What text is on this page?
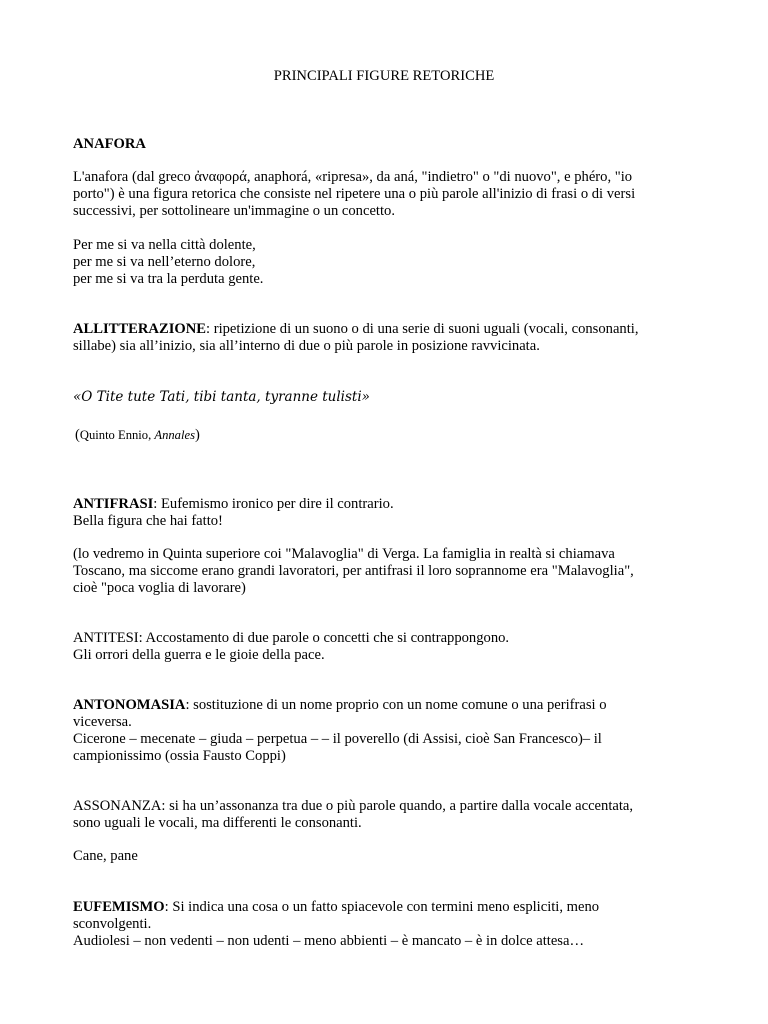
PRINCIPALI FIGURE RETORICHE
ANAFORA
L'anafora (dal greco ἀναφορά, anaphorá, «ripresa», da aná, "indietro" o "di nuovo", e phéro, "io
porto") è una figura retorica che consiste nel ripetere una o più parole all'inizio di frasi o di versi
successivi, per sottolineare un'immagine o un concetto.
Per me si va nella città dolente,
per me si va nell’eterno dolore,
per me si va tra la perduta gente.
ALLITTERAZIONE: ripetizione di un suono o di una serie di suoni uguali (vocali, consonanti,
sillabe) sia all’inizio, sia all’interno di due o più parole in posizione ravvicinata.
«O Tite tute Tati, tibi tanta, tyranne tulisti»
(Quinto Ennio, Annales)
ANTIFRASI: Eufemismo ironico per dire il contrario.
Bella figura che hai fatto!
(lo vedremo in Quinta superiore coi "Malavoglia" di Verga. La famiglia in realtà si chiamava
Toscano, ma siccome erano grandi lavoratori, per antifrasi il loro soprannome era "Malavoglia",
cioè "poca voglia di lavorare)
ANTITESI: Accostamento di due parole o concetti che si contrappongono.
Gli orrori della guerra e le gioie della pace.
ANTONOMASIA: sostituzione di un nome proprio con un nome comune o una perifrasi o
viceversa.
Cicerone – mecenate – giuda – perpetua – – il poverello (di Assisi, cioè San Francesco)– il
campionissimo (ossia Fausto Coppi)
ASSONANZA: si ha un’assonanza tra due o più parole quando, a partire dalla vocale accentata,
sono uguali le vocali, ma differenti le consonanti.
Cane, pane
EUFEMISMO: Si indica una cosa o un fatto spiacevole con termini meno espliciti, meno
sconvolgenti.
Audiolesi – non vedenti – non udenti – meno abbienti – è mancato – è in dolce attesa…
